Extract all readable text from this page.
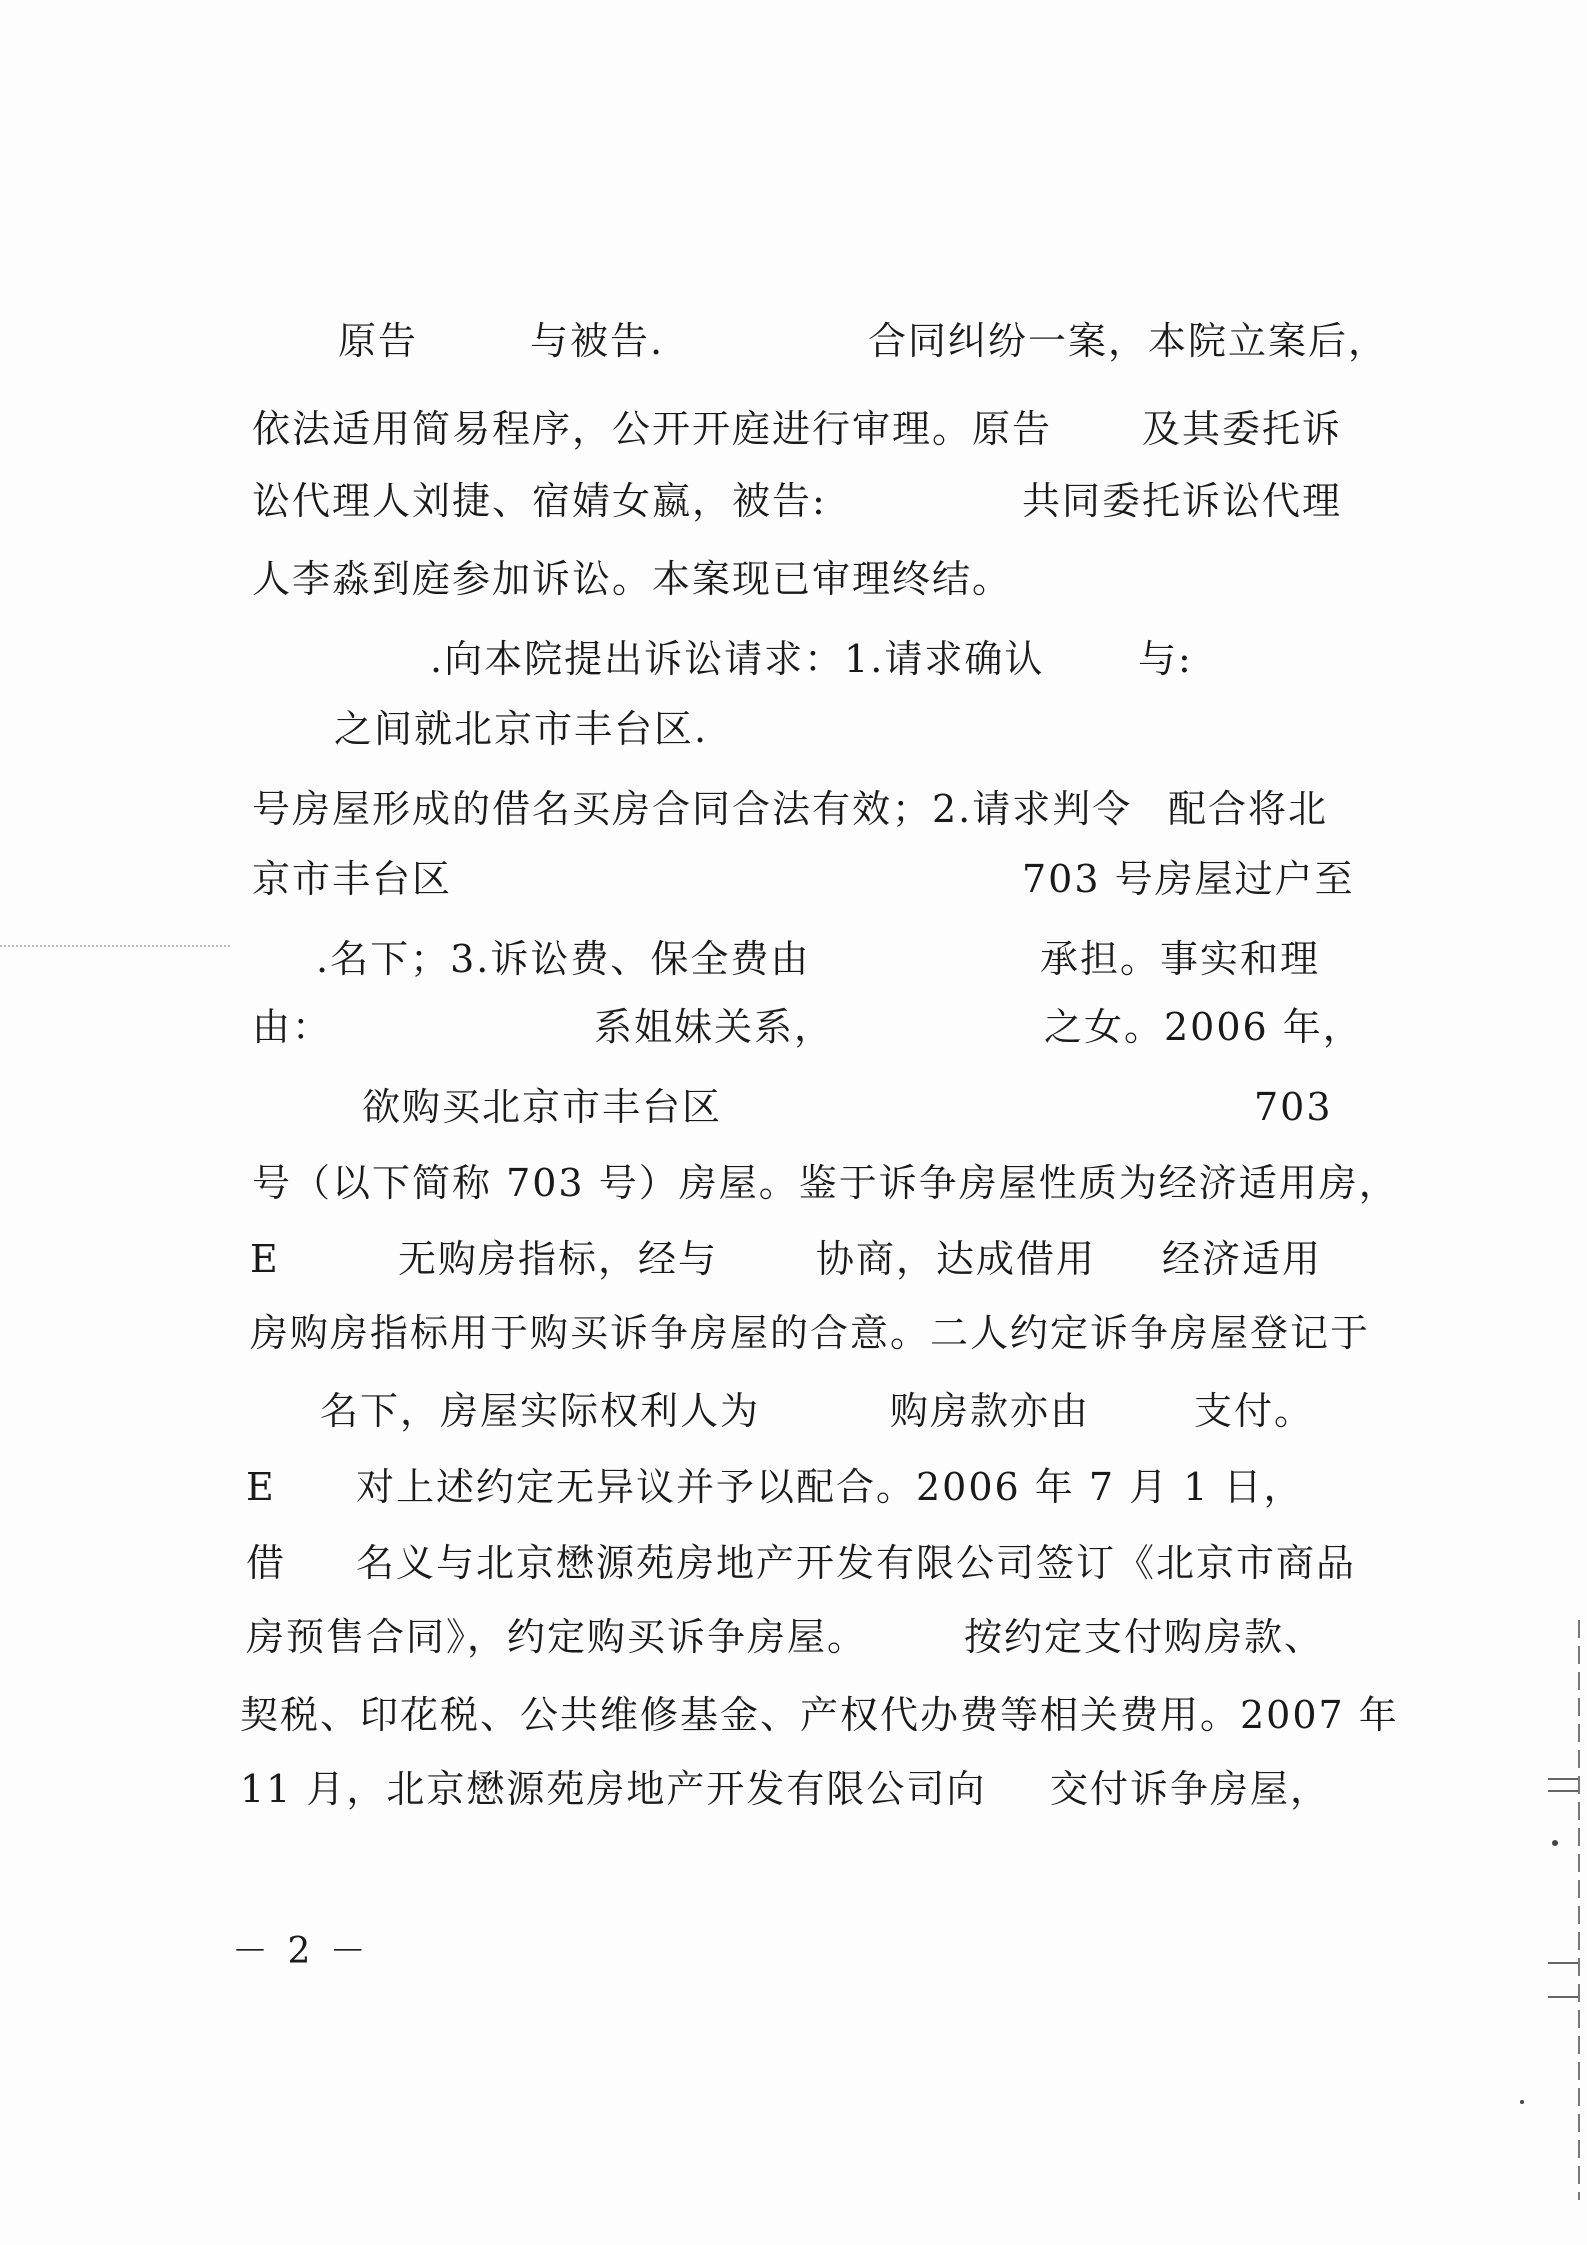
原告	与被告.	合同纠纷一案，本院立案后，
依法适用简易程序，公开开庭进行审理。原告 及其委托诉
讼代理人刘捷、宿婧女嬴，被告:	共同委托诉讼代理
人李淼到庭参加诉讼。本案现已审理终结。
.向本院提出诉讼请求：1.请求确认 与:
之间就北京市丰台区.
号房屋形成的借名买房合同合法有效；2.请求判令 配合将北
京市丰台区	703 号房屋过户至
.名下；3.诉讼费、保全费由	承担。事实和理
由：	系姐妹关系，	之女。2006 年，
欲购买北京市丰台区	703
号（以下简称 703 号）房屋。鉴于诉争房屋性质为经济适用房，
E	无购房指标，经与	协商，达成借用 经济适用
房购房指标用于购买诉争房屋的合意。二人约定诉争房屋登记于
名下，房屋实际权利人为	购房款亦由	支付。
E 对上述约定无异议并予以配合。2006 年 7 月 1 日，
借 名义与北京懋源苑房地产开发有限公司签订《北京市商品
房预售合同》，约定购买诉争房屋。	按约定支付购房款、
契税、印花税、公共维修基金、产权代办费等相关费用。2007 年
11 月，北京懋源苑房地产开发有限公司向 交付诉争房屋，
－ 2 －
